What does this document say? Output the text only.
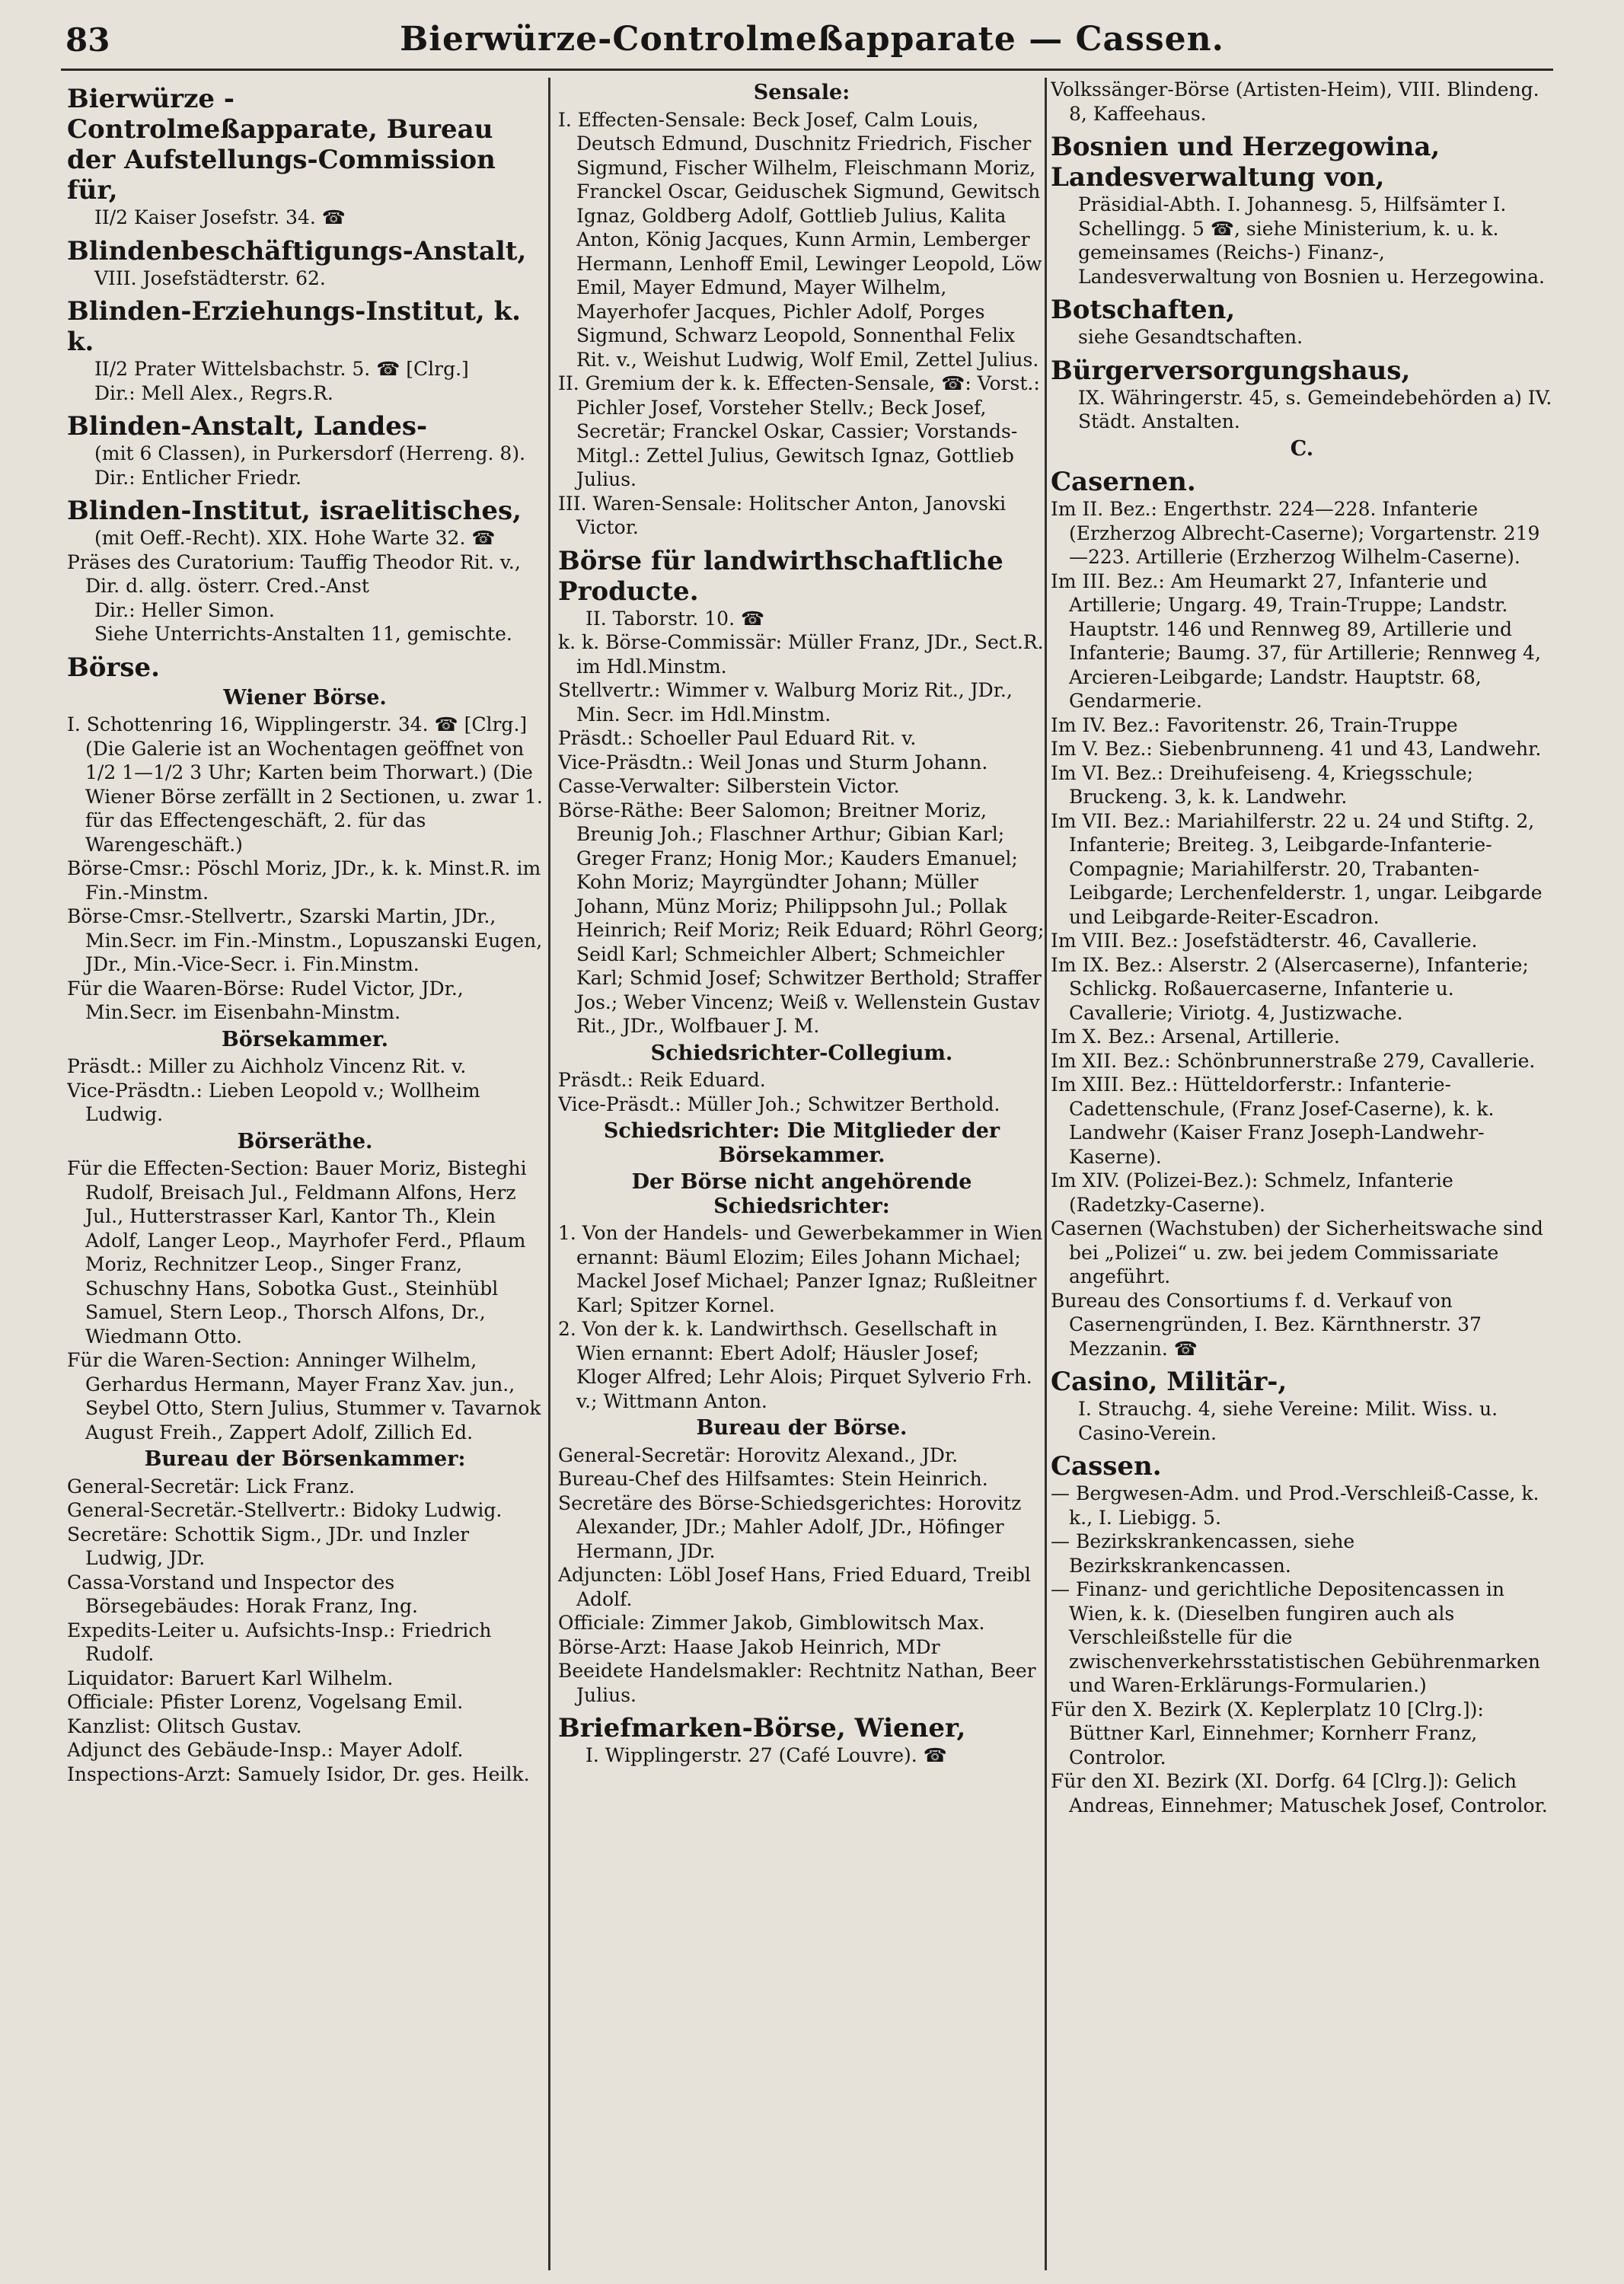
83	Bierwürze-Controlmeßapparate — Cassen.
Bierwürze - Controlmeßapparate, Bureau der Aufstellungs-Commission für,
II/2 Kaiser Josefstr. 34. ☎
Blindenbeschäftigungs-Anstalt,
VIII. Josefstädterstr. 62.
Blinden-Erziehungs-Institut, k. k.
II/2 Prater Wittelsbachstr. 5. ☎ [Clrg.]
Dir.: Mell Alex., Regrs.R.
Blinden-Anstalt, Landes-
(mit 6 Classen), in Purkersdorf (Herreng. 8).
Dir.: Entlicher Friedr.
Blinden-Institut, israelitisches,
(mit Oeff.-Recht). XIX. Hohe Warte 32. ☎
Präses des Curatorium: Tauffig Theodor Rit. v., Dir. d. allg. österr. Cred.-Anst
Dir.: Heller Simon.
Siehe Unterrichts-Anstalten 11, gemischte.
Börse.
Wiener Börse.
I. Schottenring 16, Wipplingerstr. 34. ☎ [Clrg.] (Die Galerie ist an Wochentagen geöffnet von 1/2 1—1/2 3 Uhr; Karten beim Thorwart.) (Die Wiener Börse zerfällt in 2 Sectionen, u. zwar 1. für das Effectengeschäft, 2. für das Warengeschäft.)
Börse-Cmsr.: Pöschl Moriz, JDr., k. k. Minst.R. im Fin.-Minstm.
Börse-Cmsr.-Stellvertr., Szarski Martin, JDr., Min.Secr. im Fin.-Minstm., Lopuszanski Eugen, JDr., Min.-Vice-Secr. i. Fin.Minstm.
Für die Waaren-Börse: Rudel Victor, JDr., Min.Secr. im Eisenbahn-Minstm.
Börsekammer.
Präsdt.: Miller zu Aichholz Vincenz Rit. v.
Vice-Präsdtn.: Lieben Leopold v.; Wollheim Ludwig.
Börseräthe.
Für die Effecten-Section: Bauer Moriz, Bisteghi Rudolf, Breisach Jul., Feldmann Alfons, Herz Jul., Hutterstrasser Karl, Kantor Th., Klein Adolf, Langer Leop., Mayrhofer Ferd., Pflaum Moriz, Rechnitzer Leop., Singer Franz, Schuschny Hans, Sobotka Gust., Steinhübl Samuel, Stern Leop., Thorsch Alfons, Dr., Wiedmann Otto.
Für die Waren-Section: Anninger Wilhelm, Gerhardus Hermann, Mayer Franz Xav. jun., Seybel Otto, Stern Julius, Stummer v. Tavarnok August Freih., Zappert Adolf, Zillich Ed.
Bureau der Börsenkammer:
General-Secretär: Lick Franz.
General-Secretär.-Stellvertr.: Bidoky Ludwig.
Secretäre: Schottik Sigm., JDr. und Inzler Ludwig, JDr.
Cassa-Vorstand und Inspector des Börsegebäudes: Horak Franz, Ing.
Expedits-Leiter u. Aufsichts-Insp.: Friedrich Rudolf.
Liquidator: Baruert Karl Wilhelm.
Officiale: Pfister Lorenz, Vogelsang Emil.
Kanzlist: Olitsch Gustav.
Adjunct des Gebäude-Insp.: Mayer Adolf.
Inspections-Arzt: Samuely Isidor, Dr. ges. Heilk.
Sensale:
I. Effecten-Sensale: Beck Josef, Calm Louis, Deutsch Edmund, Duschnitz Friedrich, Fischer Sigmund, Fischer Wilhelm, Fleischmann Moriz, Franckel Oscar, Geiduschek Sigmund, Gewitsch Ignaz, Goldberg Adolf, Gottlieb Julius, Kalita Anton, König Jacques, Kunn Armin, Lemberger Hermann, Lenhoff Emil, Lewinger Leopold, Löw Emil, Mayer Edmund, Mayer Wilhelm, Mayerhofer Jacques, Pichler Adolf, Porges Sigmund, Schwarz Leopold, Sonnenthal Felix Rit. v., Weishut Ludwig, Wolf Emil, Zettel Julius.
II. Gremium der k. k. Effecten-Sensale, ☎: Vorst.: Pichler Josef, Vorsteher Stellv.; Beck Josef, Secretär; Franckel Oskar, Cassier; Vorstands-Mitgl.: Zettel Julius, Gewitsch Ignaz, Gottlieb Julius.
III. Waren-Sensale: Holitscher Anton, Janovski Victor.
Börse für landwirthschaftliche Producte.
II. Taborstr. 10. ☎
k. k. Börse-Commissär: Müller Franz, JDr., Sect.R. im Hdl.Minstm.
Stellvertr.: Wimmer v. Walburg Moriz Rit., JDr., Min. Secr. im Hdl.Minstm.
Präsdt.: Schoeller Paul Eduard Rit. v.
Vice-Präsdtn.: Weil Jonas und Sturm Johann.
Casse-Verwalter: Silberstein Victor.
Börse-Räthe: Beer Salomon; Breitner Moriz, Breunig Joh.; Flaschner Arthur; Gibian Karl; Greger Franz; Honig Mor.; Kauders Emanuel; Kohn Moriz; Mayrgündter Johann; Müller Johann, Münz Moriz; Philippsohn Jul.; Pollak Heinrich; Reif Moriz; Reik Eduard; Röhrl Georg; Seidl Karl; Schmeichler Albert; Schmeichler Karl; Schmid Josef; Schwitzer Berthold; Straffer Jos.; Weber Vincenz; Weiß v. Wellenstein Gustav Rit., JDr., Wolfbauer J. M.
Schiedsrichter-Collegium.
Präsdt.: Reik Eduard.
Vice-Präsdt.: Müller Joh.; Schwitzer Berthold.
Schiedsrichter: Die Mitglieder der Börsekammer.
Der Börse nicht angehörende Schiedsrichter:
1. Von der Handels- und Gewerbekammer in Wien ernannt: Bäuml Elozim; Eiles Johann Michael; Mackel Josef Michael; Panzer Ignaz; Rußleitner Karl; Spitzer Kornel.
2. Von der k. k. Landwirthsch. Gesellschaft in Wien ernannt: Ebert Adolf; Häusler Josef; Kloger Alfred; Lehr Alois; Pirquet Sylverio Frh. v.; Wittmann Anton.
Bureau der Börse.
General-Secretär: Horovitz Alexand., JDr.
Bureau-Chef des Hilfsamtes: Stein Heinrich.
Secretäre des Börse-Schiedsgerichtes: Horovitz Alexander, JDr.; Mahler Adolf, JDr., Höfinger Hermann, JDr.
Adjuncten: Löbl Josef Hans, Fried Eduard, Treibl Adolf.
Officiale: Zimmer Jakob, Gimblowitsch Max.
Börse-Arzt: Haase Jakob Heinrich, MDr
Beeidete Handelsmakler: Rechtnitz Nathan, Beer Julius.
Briefmarken-Börse, Wiener,
I. Wipplingerstr. 27 (Café Louvre). ☎
Volkssänger-Börse (Artisten-Heim), VIII. Blindeng. 8, Kaffeehaus.
Bosnien und Herzegowina, Landesverwaltung von,
Präsidial-Abth. I. Johannesg. 5, Hilfsämter I. Schellingg. 5 ☎, siehe Ministerium, k. u. k. gemeinsames (Reichs-) Finanz-, Landesverwaltung von Bosnien u. Herzegowina.
Botschaften,
siehe Gesandtschaften.
Bürgerversorgungshaus,
IX. Währingerstr. 45, s. Gemeindebehörden a) IV. Städt. Anstalten.
C.
Casernen.
Im II. Bez.: Engerthstr. 224—228. Infanterie (Erzherzog Albrecht-Caserne); Vorgartenstr. 219—223. Artillerie (Erzherzog Wilhelm-Caserne).
Im III. Bez.: Am Heumarkt 27, Infanterie und Artillerie; Ungarg. 49, Train-Truppe; Landstr. Hauptstr. 146 und Rennweg 89, Artillerie und Infanterie; Baumg. 37, für Artillerie; Rennweg 4, Arcieren-Leibgarde; Landstr. Hauptstr. 68, Gendarmerie.
Im IV. Bez.: Favoritenstr. 26, Train-Truppe
Im V. Bez.: Siebenbrunneng. 41 und 43, Landwehr.
Im VI. Bez.: Dreihufeiseng. 4, Kriegsschule; Bruckeng. 3, k. k. Landwehr.
Im VII. Bez.: Mariahilferstr. 22 u. 24 und Stiftg. 2, Infanterie; Breiteg. 3, Leibgarde-Infanterie-Compagnie; Mariahilferstr. 20, Trabanten-Leibgarde; Lerchenfelderstr. 1, ungar. Leibgarde und Leibgarde-Reiter-Escadron.
Im VIII. Bez.: Josefstädterstr. 46, Cavallerie.
Im IX. Bez.: Alserstr. 2 (Alsercaserne), Infanterie; Schlickg. Roßauercaserne, Infanterie u. Cavallerie; Viriotg. 4, Justizwache.
Im X. Bez.: Arsenal, Artillerie.
Im XII. Bez.: Schönbrunnerstraße 279, Cavallerie.
Im XIII. Bez.: Hütteldorferstr.: Infanterie-Cadettenschule, (Franz Josef-Caserne), k. k. Landwehr (Kaiser Franz Joseph-Landwehr-Kaserne).
Im XIV. (Polizei-Bez.): Schmelz, Infanterie (Radetzky-Caserne).
Casernen (Wachstuben) der Sicherheitswache sind bei „Polizei“ u. zw. bei jedem Commissariate angeführt.
Bureau des Consortiums f. d. Verkauf von Casernengründen, I. Bez. Kärnthnerstr. 37 Mezzanin. ☎
Casino, Militär-,
I. Strauchg. 4, siehe Vereine: Milit. Wiss. u. Casino-Verein.
Cassen.
— Bergwesen-Adm. und Prod.-Verschleiß-Casse, k. k., I. Liebigg. 5.
— Bezirkskrankencassen, siehe Bezirkskrankencassen.
— Finanz- und gerichtliche Depositencassen in Wien, k. k. (Dieselben fungiren auch als Verschleißstelle für die zwischenverkehrsstatistischen Gebührenmarken und Waren-Erklärungs-Formularien.)
Für den X. Bezirk (X. Keplerplatz 10 [Clrg.]): Büttner Karl, Einnehmer; Kornherr Franz, Controlor.
Für den XI. Bezirk (XI. Dorfg. 64 [Clrg.]): Gelich Andreas, Einnehmer; Matuschek Josef, Controlor.
